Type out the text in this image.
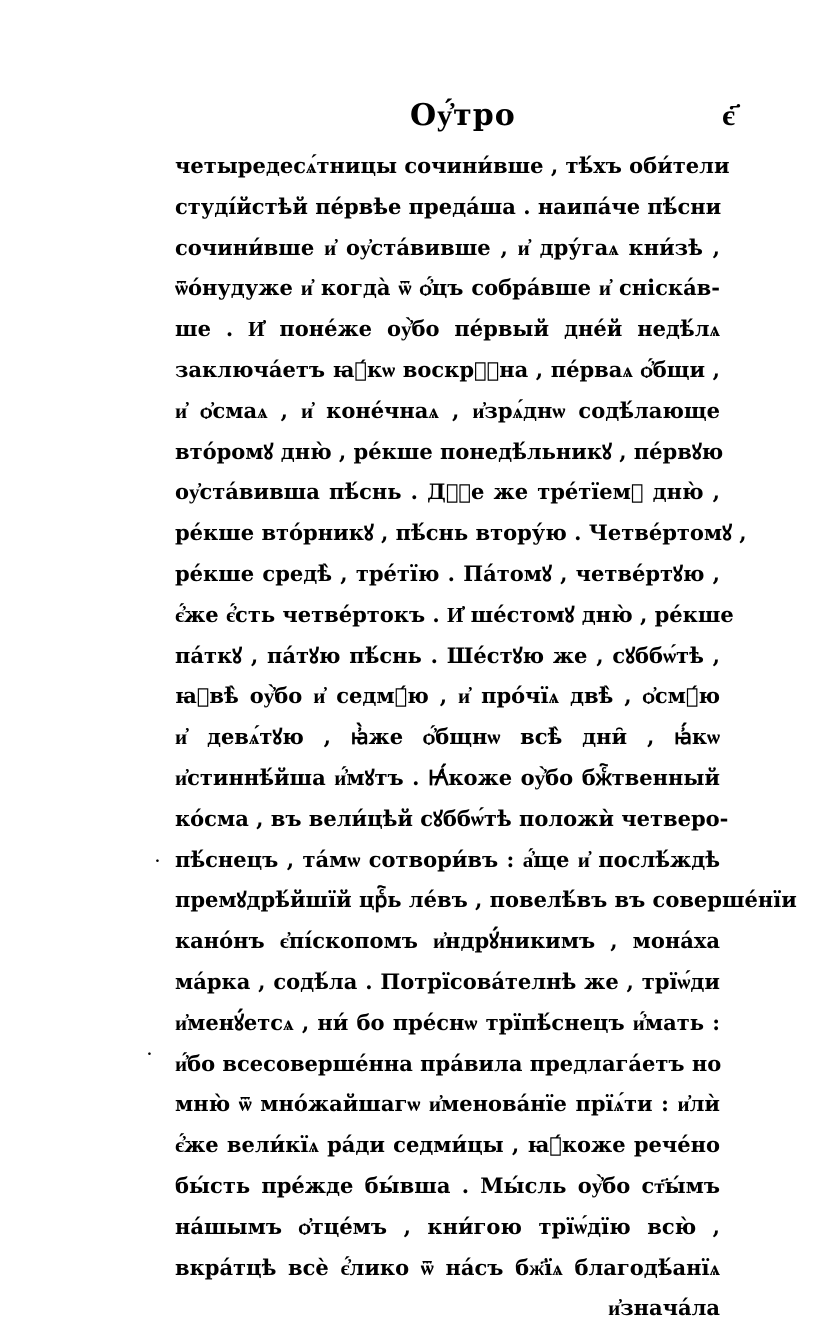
Оу҆́тро	є҃
четыредесѧ́тницы сочини́вше , тѣ́хъ оби́тели
студі́йстѣй пе́рвѣе преда́ша . наипа́че пѣ́сни
сочини́вше и҆ оу҆ста́вивше , и҆ дру́гаѧ кни́зѣ ,
ѿо́нудуже и҆ когда̀ ѿ ѻ҆́цъ собра́вше и҆ сніска́в-
ше . И҆ поне́же оу҆̀бо пе́рвый дне́й недѣ́лѧ
заключа́етъ ꙗ҆́кѡ воскрⷭ҇на , пе́рваѧ ѻ҆́бщи ,
и҆ ѻ҆смаѧ , и҆ коне́чнаѧ , и҆зрѧ́днѡ содѣ́лающе
вто́ромꙋ дню̀ , ре́кше понедѣ́льникꙋ , пе́рвꙋю
оу҆ста́вивша пѣ́снь . Дⷭ҇е же тре́тїемꙋ дню̀ ,
ре́кше вто́рникꙋ , пѣ́снь втору́ю . Четве́ртомꙋ ,
ре́кше средѣ̀ , тре́тїю . Па́томꙋ , четве́ртꙋю ,
є҆́же є҆́сть четве́ртокъ . И҆ ше́стомꙋ дню̀ , ре́кше
па́ткꙋ , па́тꙋю пѣ́снь . Ше́стꙋю же , сꙋббѡ́тѣ ,
ꙗ҆вѣ̀ оу҆̀бо и҆ седмꙋ́ю , и҆ про́чїѧ двѣ̀ , ѻ҆смꙋ́ю
и҆ девѧ́тꙋю , ꙗ҆̀же ѻ҆́бщнѡ всѣ̀ дни̑ , ꙗ҆́кѡ
и҆стиннѣ́йша и҆́мꙋтъ . Ꙗ҆́коже оу҆̀бо бжⷭ҇твенный
ко́сма , въ вели́цѣй сꙋббѡ́тѣ положѝ четверо-
пѣ́снецъ , та́мѡ сотвори́въ : а҆́ще и҆ послѣ́ждѣ
премꙋдрѣ́йшїй црⷭ҇ь ле́въ , повелѣ́въ въ соверше́нїи
кано́нъ є҆пі́скопомъ и҆ндрꙋ́никимъ , мона́ха
ма́рка , содѣ́ла . Потрїсова́телнѣ же , трїѡ́ди
и҆менꙋ́етсѧ , ни́ бо пре́снѡ трїпѣ́снецъ и҆́мать :
и҆́бо всесоверше́нна пра́вила предлага́етъ но
мню̀ ѿ мно́жайшагѡ и҆менова́нїе прїѧ́ти : и҆лѝ
є҆́же вели́кїѧ ра́ди седми́цы , ꙗ҆́коже рече́но
бы́сть пре́жде бы́вша . Мы́сль оу҆̀бо ст҃ы́мъ
на́шымъ ѻ҆тце́мъ , кни́гою трїѡ́дїю всю̀ ,
вкра́тцѣ всѐ є҆́лико ѿ на́съ бж҃їѧ благодѣ́анїѧ
и҆знача́ла
.
.
